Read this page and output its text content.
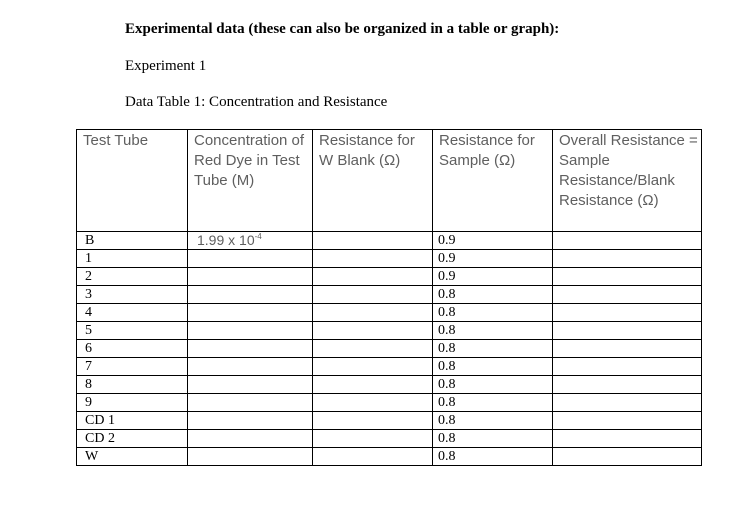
Experimental data (these can also be organized in a table or graph):
Experiment 1
Data Table 1: Concentration and Resistance
Test Tube	Concentration of Red Dye in Test Tube (M)	Resistance for W Blank (Ω)	Resistance for Sample (Ω)	Overall Resistance = Sample Resistance/Blank Resistance (Ω)
B	1.99 x $10^{-4}$		0.9	
1			0.9	
2			0.9	
3			0.8	
4			0.8	
5			0.8	
6			0.8	
7			0.8	
8			0.8	
9			0.8	
CD 1			0.8	
CD 2			0.8	
W			0.8	
